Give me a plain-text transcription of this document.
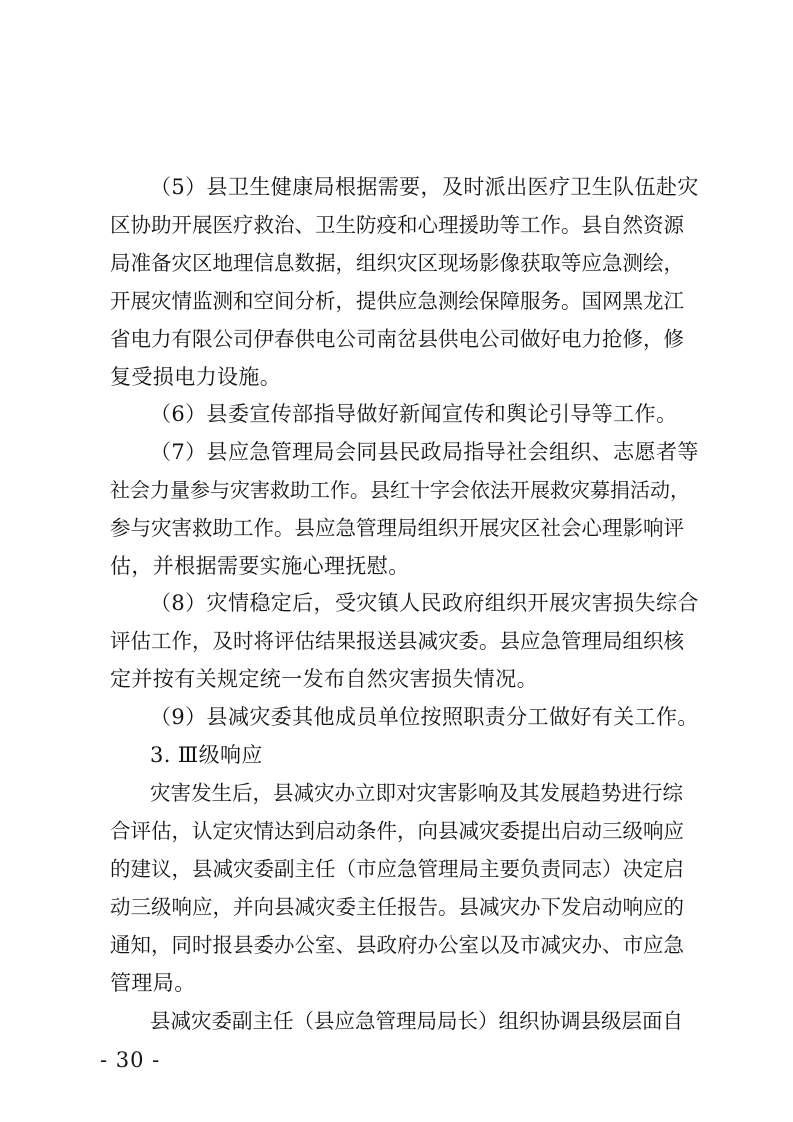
（5）县卫生健康局根据需要，及时派出医疗卫生队伍赴灾
区协助开展医疗救治、卫生防疫和心理援助等工作。县自然资源
局准备灾区地理信息数据，组织灾区现场影像获取等应急测绘，
开展灾情监测和空间分析，提供应急测绘保障服务。国网黑龙江
省电力有限公司伊春供电公司南岔县供电公司做好电力抢修，修
复受损电力设施。
（6）县委宣传部指导做好新闻宣传和舆论引导等工作。
（7）县应急管理局会同县民政局指导社会组织、志愿者等
社会力量参与灾害救助工作。县红十字会依法开展救灾募捐活动，
参与灾害救助工作。县应急管理局组织开展灾区社会心理影响评
估，并根据需要实施心理抚慰。
（8）灾情稳定后，受灾镇人民政府组织开展灾害损失综合
评估工作，及时将评估结果报送县减灾委。县应急管理局组织核
定并按有关规定统一发布自然灾害损失情况。
（9）县减灾委其他成员单位按照职责分工做好有关工作。
3. Ⅲ级响应
灾害发生后，县减灾办立即对灾害影响及其发展趋势进行综
合评估，认定灾情达到启动条件，向县减灾委提出启动三级响应
的建议，县减灾委副主任（市应急管理局主要负责同志）决定启
动三级响应，并向县减灾委主任报告。县减灾办下发启动响应的
通知，同时报县委办公室、县政府办公室以及市减灾办、市应急
管理局。
县减灾委副主任（县应急管理局局长）组织协调县级层面自
- 30 -
